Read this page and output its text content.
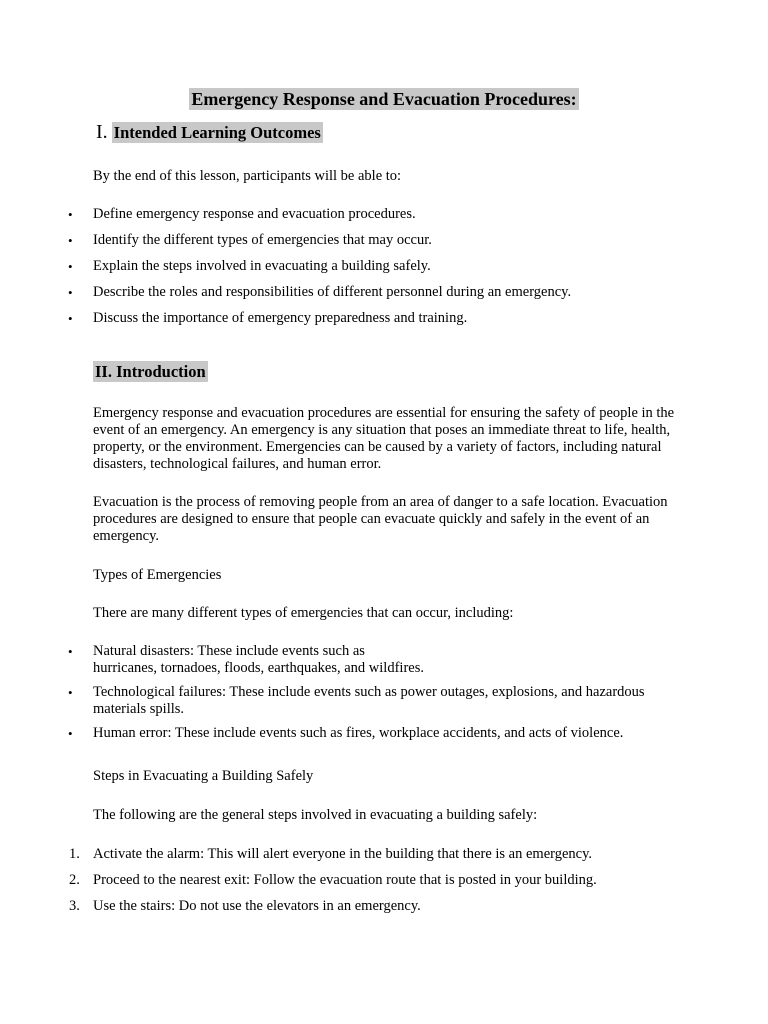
Emergency Response and Evacuation Procedures:
I. Intended Learning Outcomes

By the end of this lesson, participants will be able to:

• Define emergency response and evacuation procedures.
• Identify the different types of emergencies that may occur.
• Explain the steps involved in evacuating a building safely.
• Describe the roles and responsibilities of different personnel during an emergency.
• Discuss the importance of emergency preparedness and training.
II. Introduction

Emergency response and evacuation procedures are essential for ensuring the safety of people in the event of an emergency. An emergency is any situation that poses an immediate threat to life, health, property, or the environment. Emergencies can be caused by a variety of factors, including natural disasters, technological failures, and human error.

Evacuation is the process of removing people from an area of danger to a safe location. Evacuation procedures are designed to ensure that people can evacuate quickly and safely in the event of an emergency.

Types of Emergencies

There are many different types of emergencies that can occur, including:

• Natural disasters: These include events such as
hurricanes, tornadoes, floods, earthquakes, and wildfires.
• Technological failures: These include events such as power outages, explosions, and hazardous materials spills.
• Human error: These include events such as fires, workplace accidents, and acts of violence.

Steps in Evacuating a Building Safely

The following are the general steps involved in evacuating a building safely:

1. Activate the alarm: This will alert everyone in the building that there is an emergency.
2. Proceed to the nearest exit: Follow the evacuation route that is posted in your building.
3. Use the stairs: Do not use the elevators in an emergency.
